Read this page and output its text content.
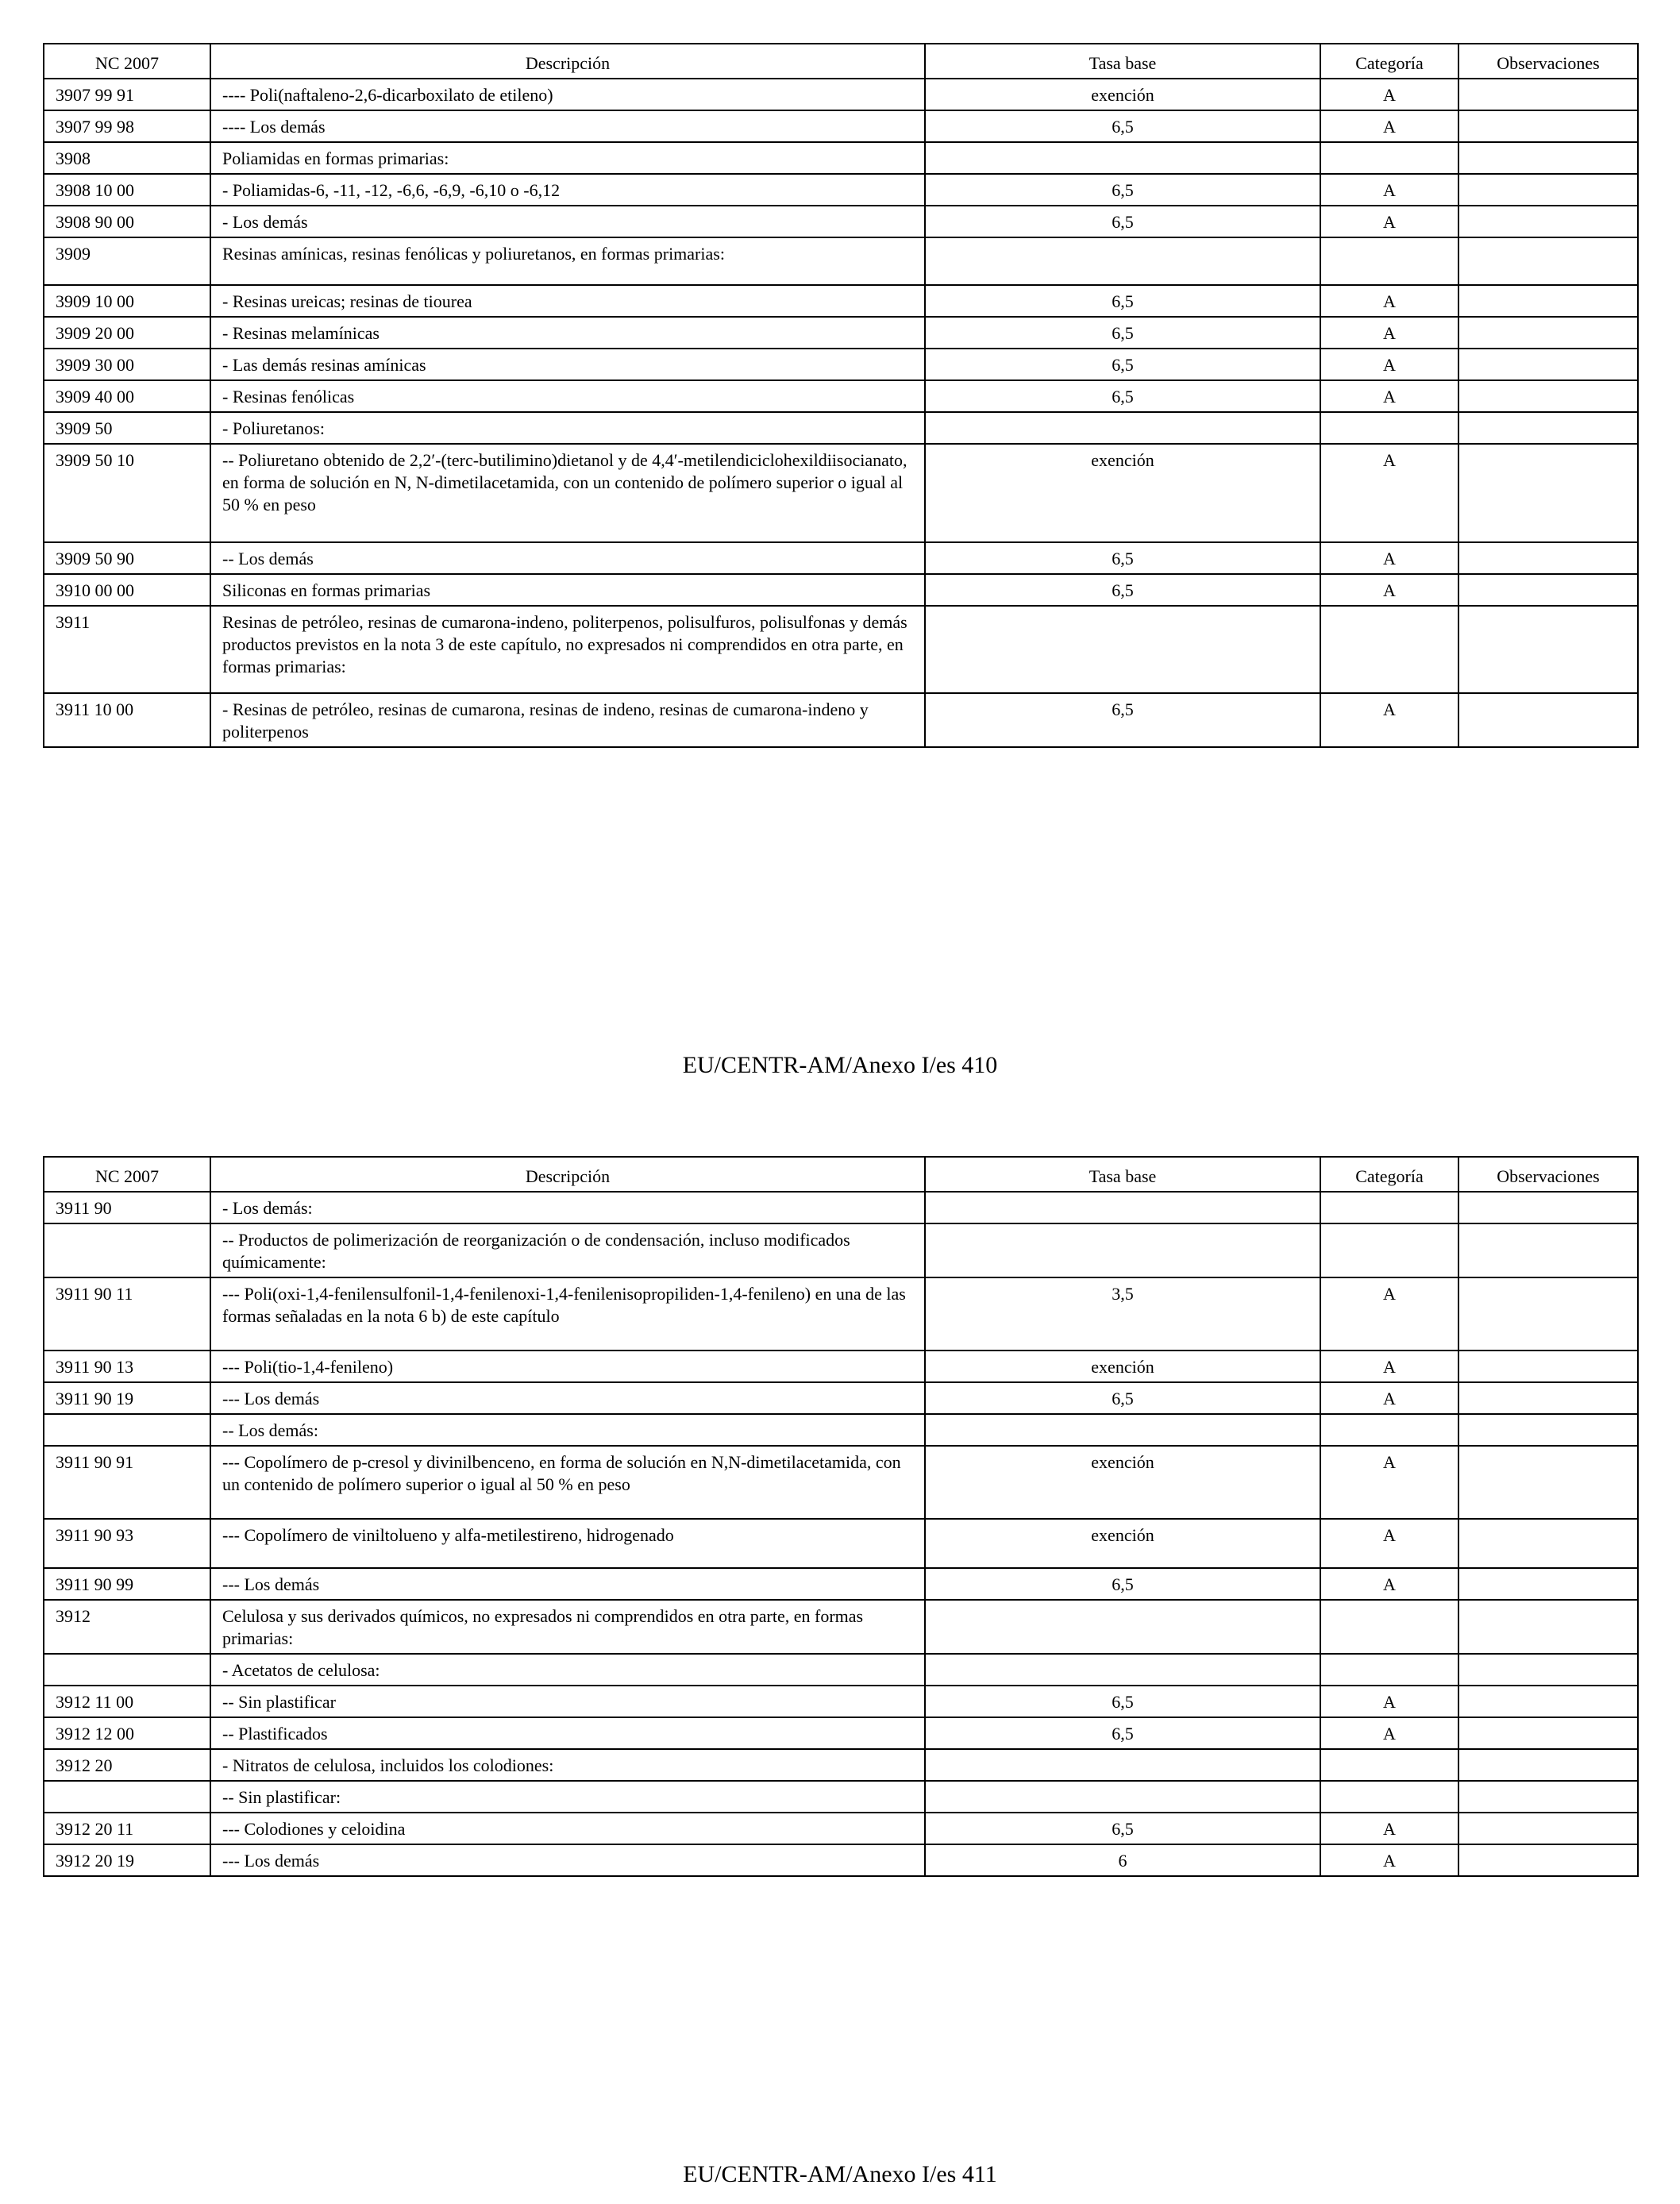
NC 2007	Descripción	Tasa base	Categoría	Observaciones
3907 99 91	---- Poli(naftaleno-2,6-dicarboxilato de etileno)	exención	A	
3907 99 98	---- Los demás	6,5	A	
3908	Poliamidas en formas primarias:			
3908 10 00	- Poliamidas-6, -11, -12, -6,6, -6,9, -6,10 o -6,12	6,5	A	
3908 90 00	- Los demás	6,5	A	
3909	Resinas amínicas, resinas fenólicas y poliuretanos, en formas primarias:			
3909 10 00	- Resinas ureicas; resinas de tiourea	6,5	A	
3909 20 00	- Resinas melamínicas	6,5	A	
3909 30 00	- Las demás resinas amínicas	6,5	A	
3909 40 00	- Resinas fenólicas	6,5	A	
3909 50	- Poliuretanos:			
3909 50 10	-- Poliuretano obtenido de 2,2′-(terc-butilimino)dietanol y de 4,4′-metilendiciclohexildiisocianato, en forma de solución en N, N-dimetilacetamida, con un contenido de polímero superior o igual al 50 % en peso	exención	A	
3909 50 90	-- Los demás	6,5	A	
3910 00 00	Siliconas en formas primarias	6,5	A	
3911	Resinas de petróleo, resinas de cumarona-indeno, politerpenos, polisulfuros, polisulfonas y demás productos previstos en la nota 3 de este capítulo, no expresados ni comprendidos en otra parte, en formas primarias:			
3911 10 00	- Resinas de petróleo, resinas de cumarona, resinas de indeno, resinas de cumarona-indeno y politerpenos	6,5	A	
EU/CENTR-AM/Anexo I/es 410
NC 2007	Descripción	Tasa base	Categoría	Observaciones
3911 90	- Los demás:			
	-- Productos de polimerización de reorganización o de condensación, incluso modificados químicamente:			
3911 90 11	--- Poli(oxi-1,4-fenilensulfonil-1,4-fenilenoxi-1,4-fenilenisopropiliden-1,4-fenileno) en una de las formas señaladas en la nota 6 b) de este capítulo	3,5	A	
3911 90 13	--- Poli(tio-1,4-fenileno)	exención	A	
3911 90 19	--- Los demás	6,5	A	
	-- Los demás:			
3911 90 91	--- Copolímero de p-cresol y divinilbenceno, en forma de solución en N,N-dimetilacetamida, con un contenido de polímero superior o igual al 50 % en peso	exención	A	
3911 90 93	--- Copolímero de viniltolueno y alfa-metilestireno, hidrogenado	exención	A	
3911 90 99	--- Los demás	6,5	A	
3912	Celulosa y sus derivados químicos, no expresados ni comprendidos en otra parte, en formas primarias:			
	- Acetatos de celulosa:			
3912 11 00	-- Sin plastificar	6,5	A	
3912 12 00	-- Plastificados	6,5	A	
3912 20	- Nitratos de celulosa, incluidos los colodiones:			
	-- Sin plastificar:			
3912 20 11	--- Colodiones y celoidina	6,5	A	
3912 20 19	--- Los demás	6	A	
EU/CENTR-AM/Anexo I/es 411
